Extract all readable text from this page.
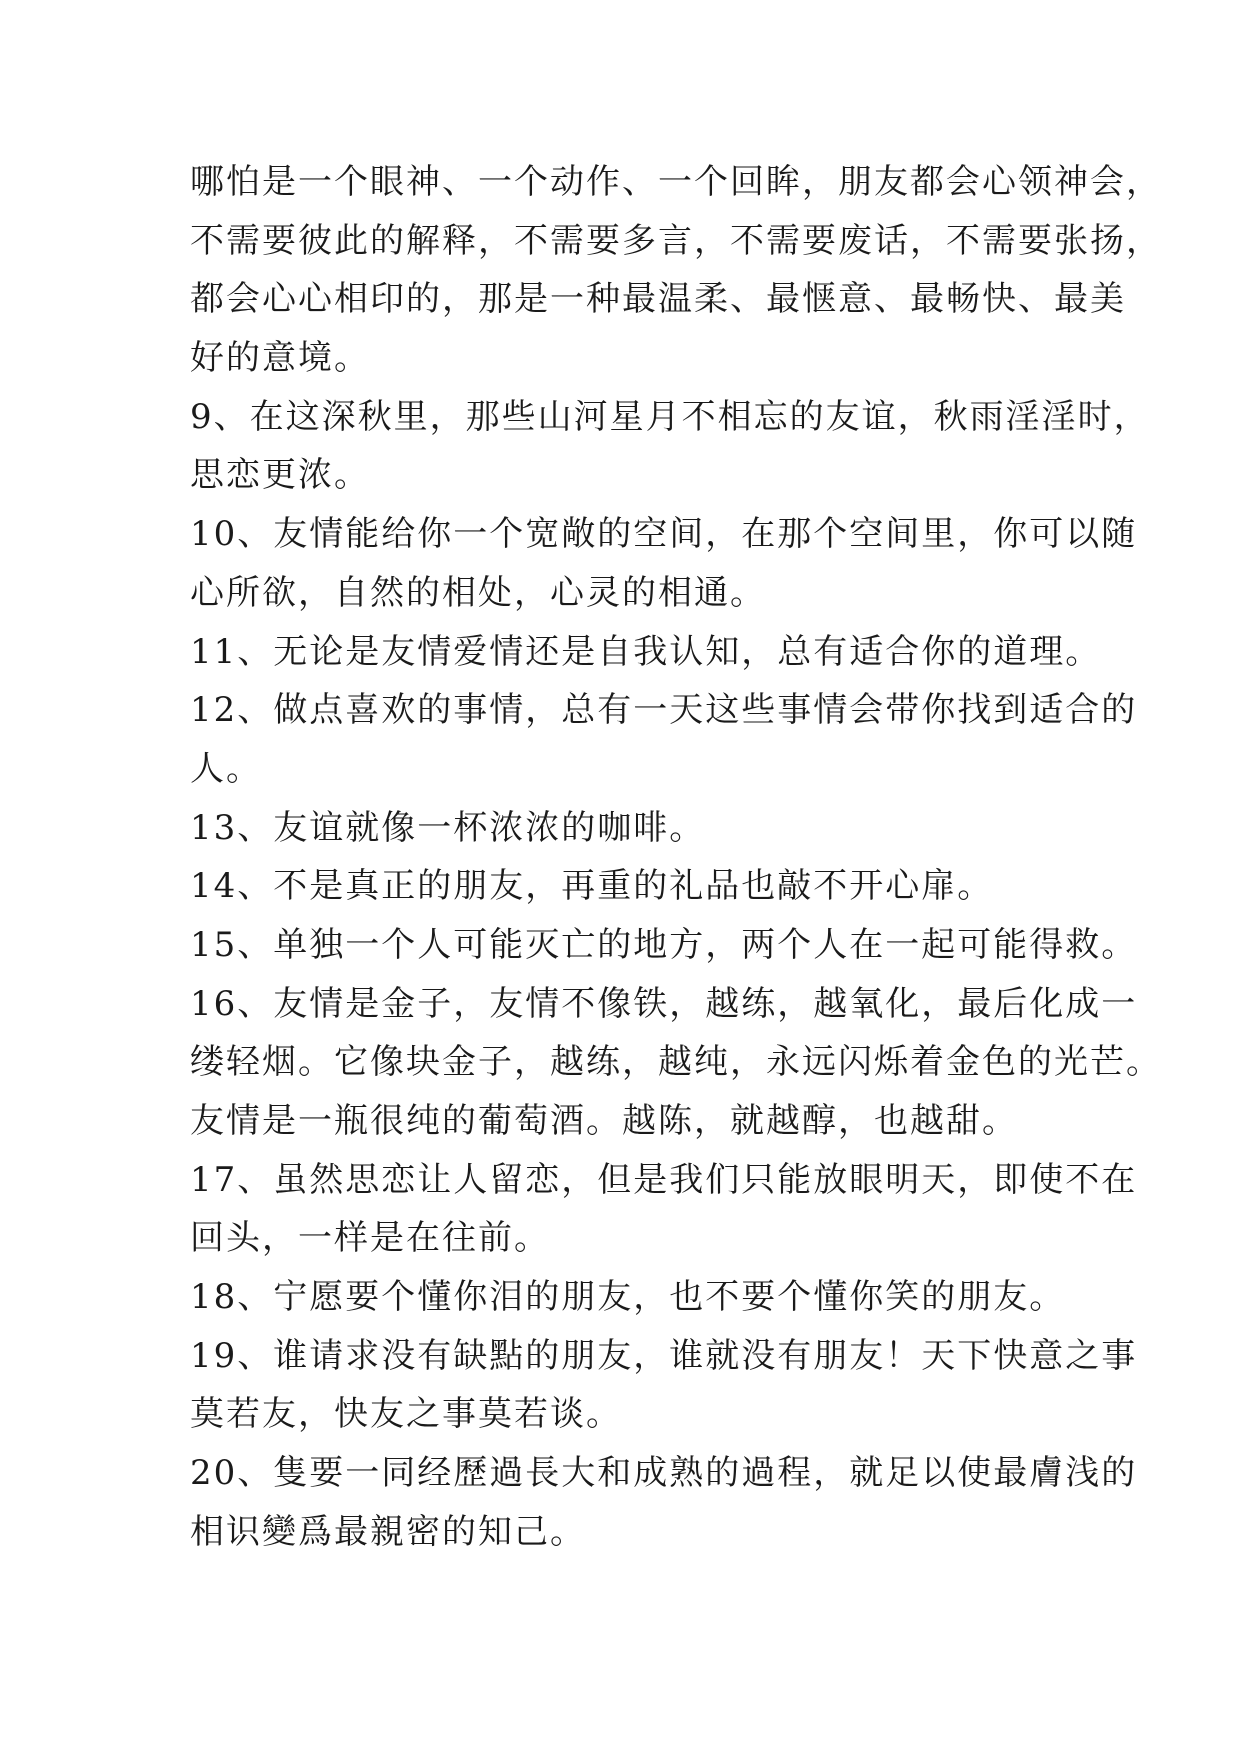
哪怕是一个眼神、一个动作、一个回眸，朋友都会心领神会，
不需要彼此的解释，不需要多言，不需要废话，不需要张扬，
都会心心相印的，那是一种最温柔、最惬意、最畅快、最美
好的意境。
9、在这深秋里，那些山河星月不相忘的友谊，秋雨淫淫时，
思恋更浓。
10、友情能给你一个宽敞的空间，在那个空间里，你可以随
心所欲，自然的相处，心灵的相通。
11、无论是友情爱情还是自我认知，总有适合你的道理。
12、做点喜欢的事情，总有一天这些事情会带你找到适合的
人。
13、友谊就像一杯浓浓的咖啡。
14、不是真正的朋友，再重的礼品也敲不开心扉。
15、单独一个人可能灭亡的地方，两个人在一起可能得救。
16、友情是金子，友情不像铁，越练，越氧化，最后化成一
缕轻烟。它像块金子，越练，越纯，永远闪烁着金色的光芒。
友情是一瓶很纯的葡萄酒。越陈，就越醇，也越甜。
17、虽然思恋让人留恋，但是我们只能放眼明天，即使不在
回头，一样是在往前。
18、宁愿要个懂你泪的朋友，也不要个懂你笑的朋友。
19、谁请求没有缺點的朋友，谁就没有朋友！天下快意之事
莫若友，快友之事莫若谈。
20、隻要一同经歷過長大和成熟的過程，就足以使最膚浅的
相识變爲最親密的知己。
